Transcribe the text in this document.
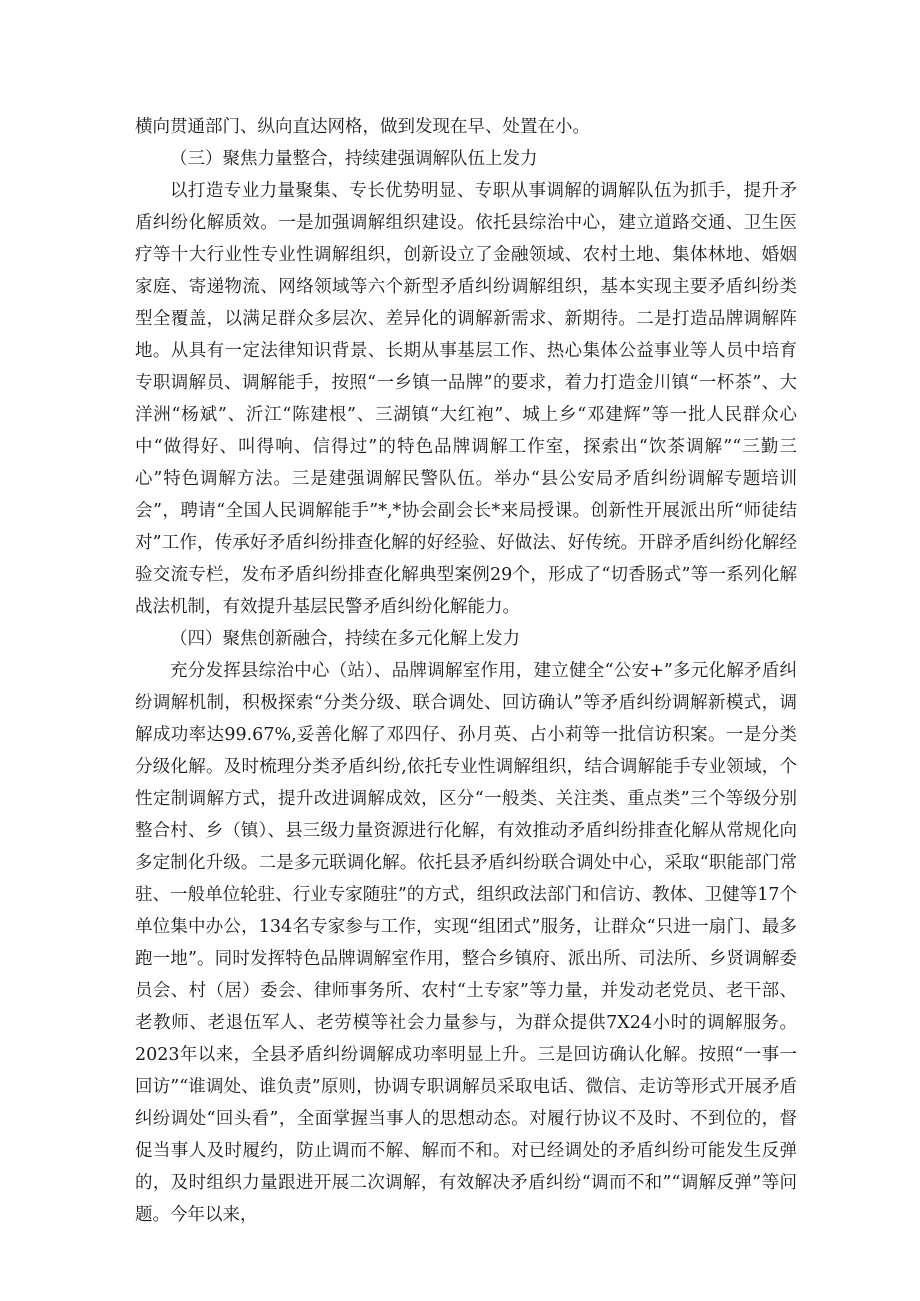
横向贯通部门、纵向直达网格，做到发现在早、处置在小。

（三）聚焦力量整合，持续建强调解队伍上发力

以打造专业力量聚集、专长优势明显、专职从事调解的调解队伍为抓手，提升矛盾纠纷化解质效。一是加强调解组织建设。依托县综治中心，建立道路交通、卫生医疗等十大行业性专业性调解组织，创新设立了金融领域、农村土地、集体林地、婚姻家庭、寄递物流、网络领域等六个新型矛盾纠纷调解组织，基本实现主要矛盾纠纷类型全覆盖，以满足群众多层次、差异化的调解新需求、新期待。二是打造品牌调解阵地。从具有一定法律知识背景、长期从事基层工作、热心集体公益事业等人员中培育专职调解员、调解能手，按照“一乡镇一品牌”的要求，着力打造金川镇“一杯茶”、大洋洲“杨斌”、沂江“陈建根”、三湖镇“大红袍”、城上乡“邓建辉”等一批人民群众心中“做得好、叫得响、信得过”的特色品牌调解工作室，探索出“饮茶调解”“三勤三心”特色调解方法。三是建强调解民警队伍。举办“县公安局矛盾纠纷调解专题培训会”，聘请“全国人民调解能手”*,*协会副会长*来局授课。创新性开展派出所“师徒结对”工作，传承好矛盾纠纷排查化解的好经验、好做法、好传统。开辟矛盾纠纷化解经验交流专栏，发布矛盾纠纷排查化解典型案例29个，形成了“切香肠式”等一系列化解战法机制，有效提升基层民警矛盾纠纷化解能力。

（四）聚焦创新融合，持续在多元化解上发力

充分发挥县综治中心（站）、品牌调解室作用，建立健全“公安+”多元化解矛盾纠纷调解机制，积极探索“分类分级、联合调处、回访确认”等矛盾纠纷调解新模式，调解成功率达99.67%,妥善化解了邓四仔、孙月英、占小莉等一批信访积案。一是分类分级化解。及时梳理分类矛盾纠纷,依托专业性调解组织，结合调解能手专业领域，个性定制调解方式，提升改进调解成效，区分“一般类、关注类、重点类”三个等级分别整合村、乡（镇）、县三级力量资源进行化解，有效推动矛盾纠纷排查化解从常规化向多定制化升级。二是多元联调化解。依托县矛盾纠纷联合调处中心，采取“职能部门常驻、一般单位轮驻、行业专家随驻”的方式，组织政法部门和信访、教体、卫健等17个单位集中办公，134名专家参与工作，实现“组团式”服务，让群众“只进一扇门、最多跑一地”。同时发挥特色品牌调解室作用，整合乡镇府、派出所、司法所、乡贤调解委员会、村（居）委会、律师事务所、农村“土专家”等力量，并发动老党员、老干部、老教师、老退伍军人、老劳模等社会力量参与，为群众提供7X24小时的调解服务。2023年以来，全县矛盾纠纷调解成功率明显上升。三是回访确认化解。按照“一事一回访”“谁调处、谁负责”原则，协调专职调解员采取电话、微信、走访等形式开展矛盾纠纷调处“回头看”，全面掌握当事人的思想动态。对履行协议不及时、不到位的，督促当事人及时履约，防止调而不解、解而不和。对已经调处的矛盾纠纷可能发生反弹的，及时组织力量跟进开展二次调解，有效解决矛盾纠纷“调而不和”“调解反弹”等问题。今年以来，
